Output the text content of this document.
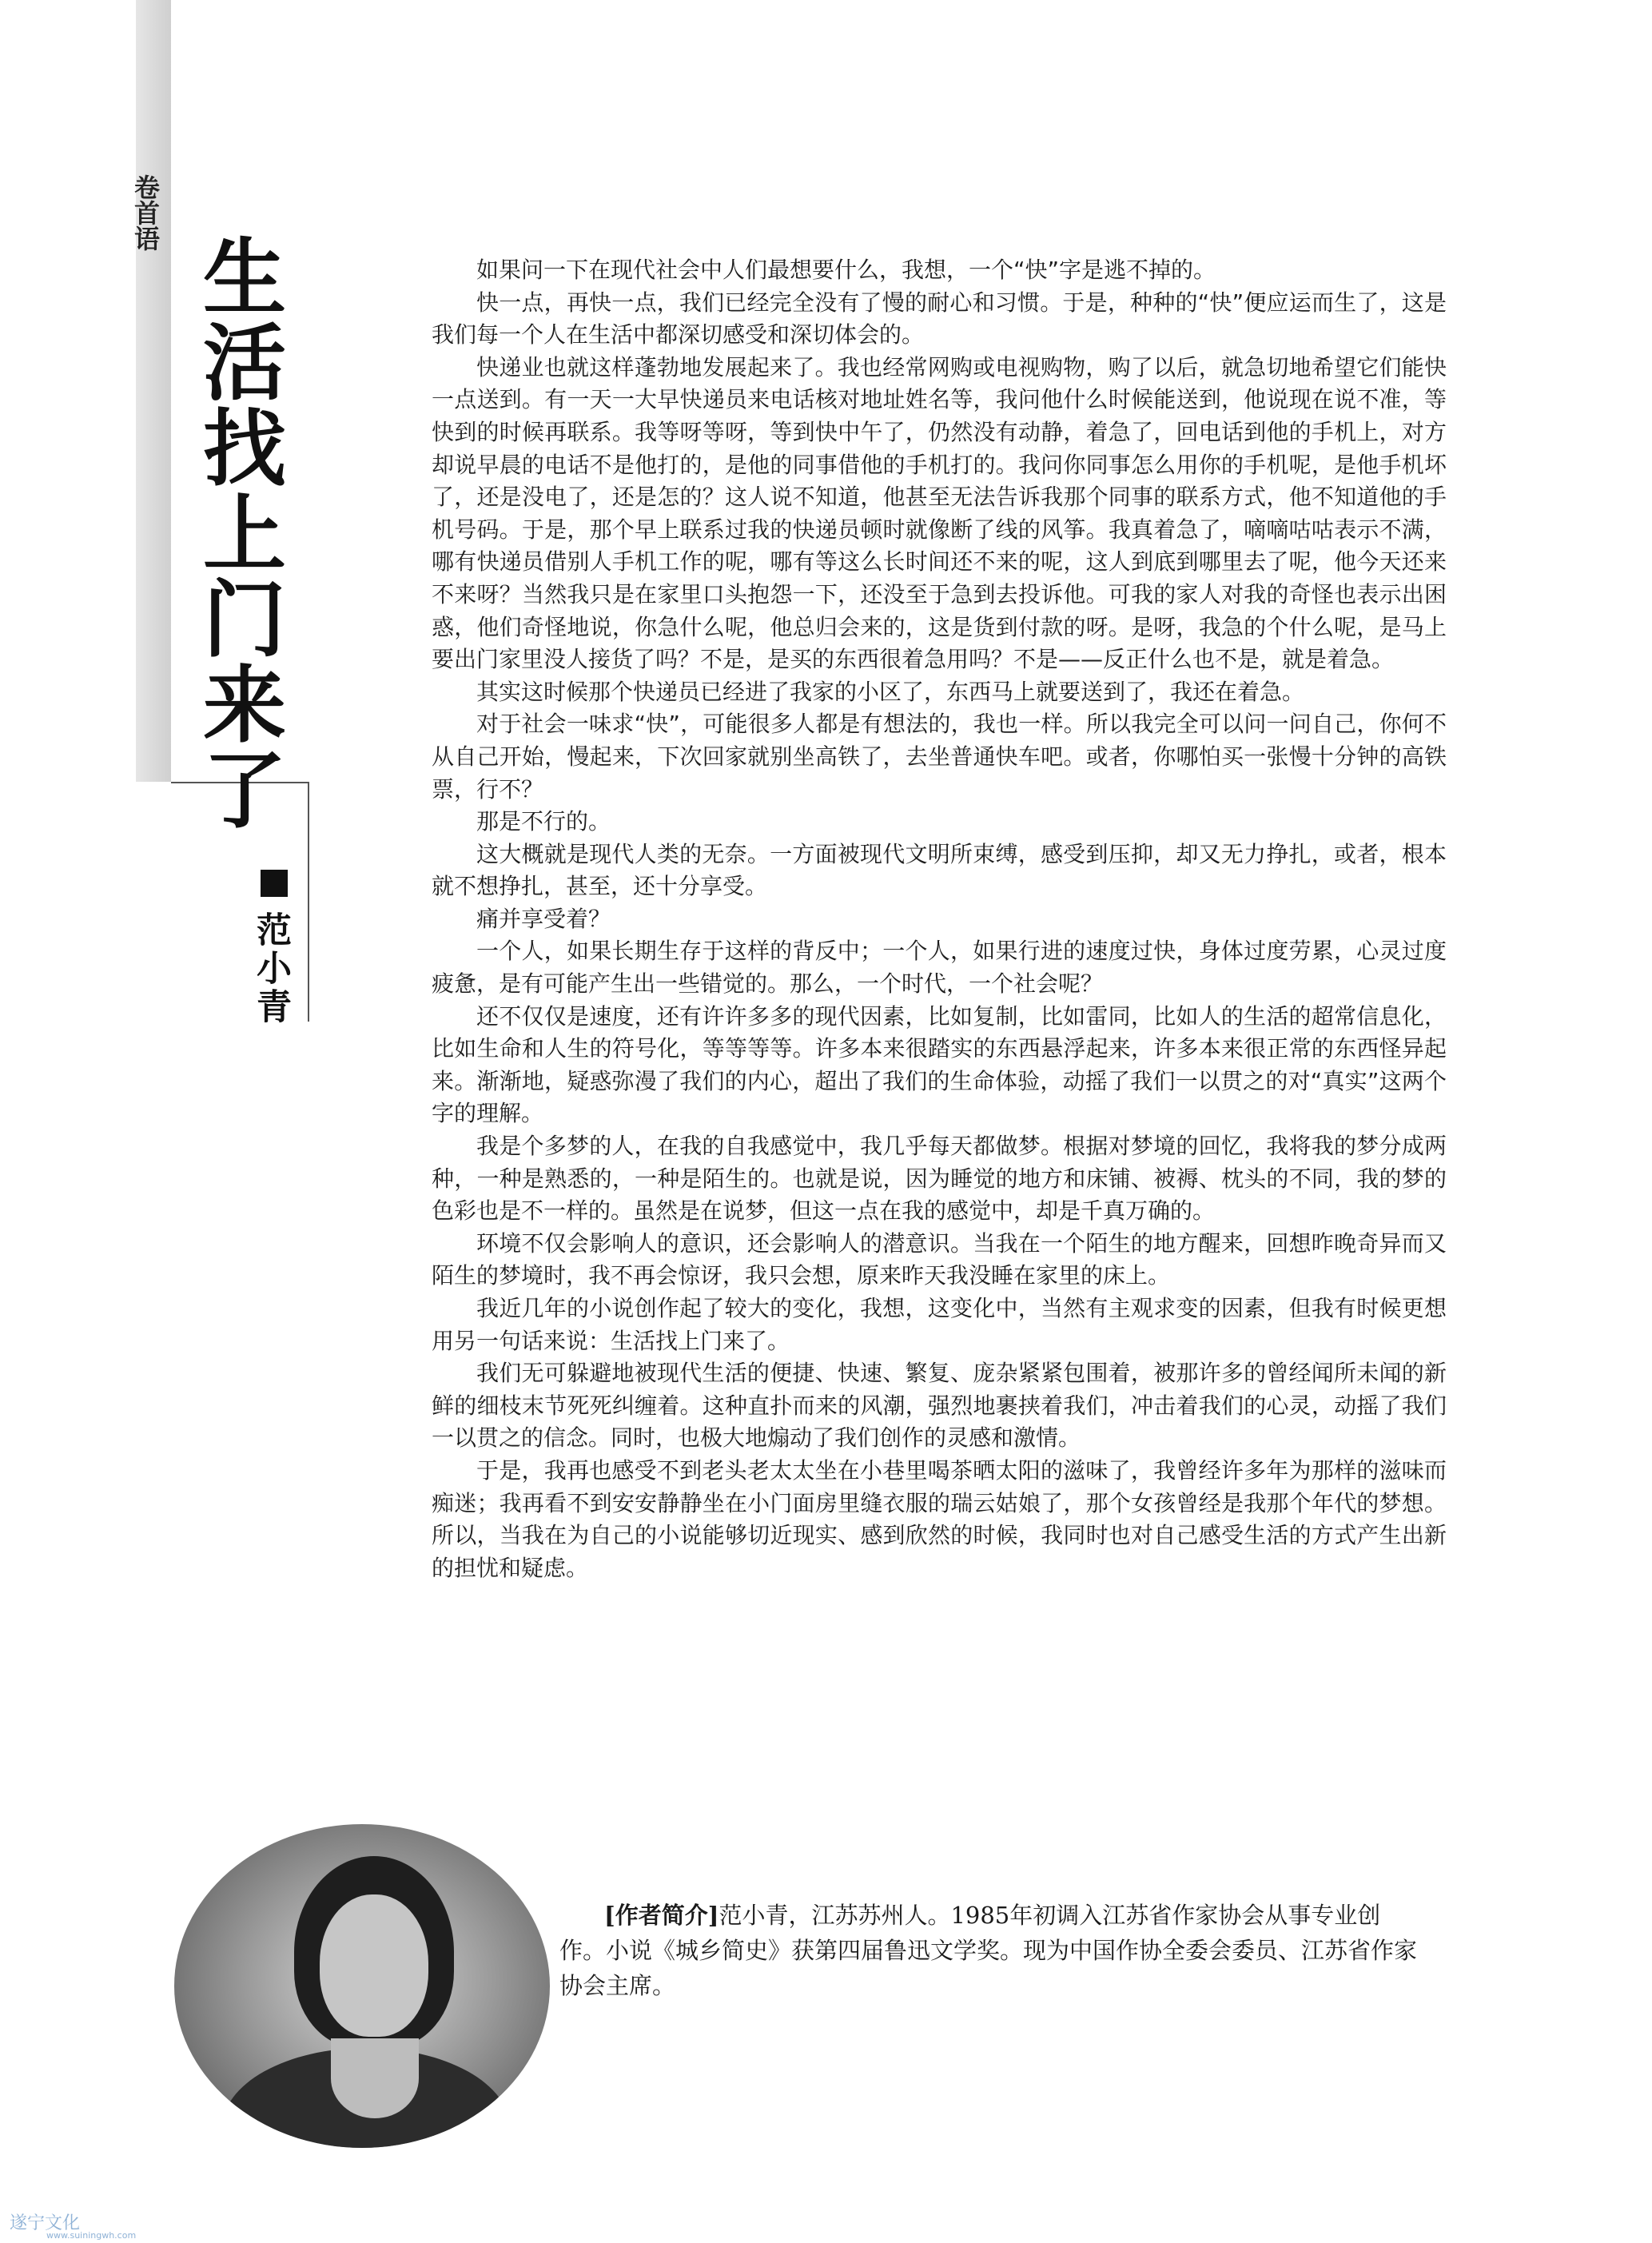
卷首语
生活找上门来了
范小青

如果问一下在现代社会中人们最想要什么，我想，一个“快”字是逃不掉的。

快一点，再快一点，我们已经完全没有了慢的耐心和习惯。于是，种种的“快”便应运而生了，这是我们每一个人在生活中都深切感受和深切体会的。

快递业也就这样蓬勃地发展起来了。我也经常网购或电视购物，购了以后，就急切地希望它们能快一点送到。有一天一大早快递员来电话核对地址姓名等，我问他什么时候能送到，他说现在说不准，等快到的时候再联系。我等呀等呀，等到快中午了，仍然没有动静，着急了，回电话到他的手机上，对方却说早晨的电话不是他打的，是他的同事借他的手机打的。我问你同事怎么用你的手机呢，是他手机坏了，还是没电了，还是怎的？这人说不知道，他甚至无法告诉我那个同事的联系方式，他不知道他的手机号码。于是，那个早上联系过我的快递员顿时就像断了线的风筝。我真着急了，嘀嘀咕咕表示不满，哪有快递员借别人手机工作的呢，哪有等这么长时间还不来的呢，这人到底到哪里去了呢，他今天还来不来呀？当然我只是在家里口头抱怨一下，还没至于急到去投诉他。可我的家人对我的奇怪也表示出困惑，他们奇怪地说，你急什么呢，他总归会来的，这是货到付款的呀。是呀，我急的个什么呢，是马上要出门家里没人接货了吗？不是，是买的东西很着急用吗？不是——反正什么也不是，就是着急。

其实这时候那个快递员已经进了我家的小区了，东西马上就要送到了，我还在着急。

对于社会一味求“快”，可能很多人都是有想法的，我也一样。所以我完全可以问一问自己，你何不从自己开始，慢起来，下次回家就别坐高铁了，去坐普通快车吧。或者，你哪怕买一张慢十分钟的高铁票，行不？

那是不行的。

这大概就是现代人类的无奈。一方面被现代文明所束缚，感受到压抑，却又无力挣扎，或者，根本就不想挣扎，甚至，还十分享受。

痛并享受着？

一个人，如果长期生存于这样的背反中；一个人，如果行进的速度过快，身体过度劳累，心灵过度疲惫，是有可能产生出一些错觉的。那么，一个时代，一个社会呢？

还不仅仅是速度，还有许许多多的现代因素，比如复制，比如雷同，比如人的生活的超常信息化，比如生命和人生的符号化，等等等等。许多本来很踏实的东西悬浮起来，许多本来很正常的东西怪异起来。渐渐地，疑惑弥漫了我们的内心，超出了我们的生命体验，动摇了我们一以贯之的对“真实”这两个字的理解。

我是个多梦的人，在我的自我感觉中，我几乎每天都做梦。根据对梦境的回忆，我将我的梦分成两种，一种是熟悉的，一种是陌生的。也就是说，因为睡觉的地方和床铺、被褥、枕头的不同，我的梦的色彩也是不一样的。虽然是在说梦，但这一点在我的感觉中，却是千真万确的。

环境不仅会影响人的意识，还会影响人的潜意识。当我在一个陌生的地方醒来，回想昨晚奇异而又陌生的梦境时，我不再会惊讶，我只会想，原来昨天我没睡在家里的床上。

我近几年的小说创作起了较大的变化，我想，这变化中，当然有主观求变的因素，但我有时候更想用另一句话来说：生活找上门来了。

我们无可躲避地被现代生活的便捷、快速、繁复、庞杂紧紧包围着，被那许多的曾经闻所未闻的新鲜的细枝末节死死纠缠着。这种直扑而来的风潮，强烈地裹挟着我们，冲击着我们的心灵，动摇了我们一以贯之的信念。同时，也极大地煽动了我们创作的灵感和激情。

于是，我再也感受不到老头老太太坐在小巷里喝茶晒太阳的滋味了，我曾经许多年为那样的滋味而痴迷；我再看不到安安静静坐在小门面房里缝衣服的瑞云姑娘了，那个女孩曾经是我那个年代的梦想。所以，当我在为自己的小说能够切近现实、感到欣然的时候，我同时也对自己感受生活的方式产生出新的担忧和疑虑。

[作者简介]范小青，江苏苏州人。1985年初调入江苏省作家协会从事专业创作。小说《城乡简史》获第四届鲁迅文学奖。现为中国作协全委会委员、江苏省作家协会主席。

遂宁文化
www.suiningwh.com
